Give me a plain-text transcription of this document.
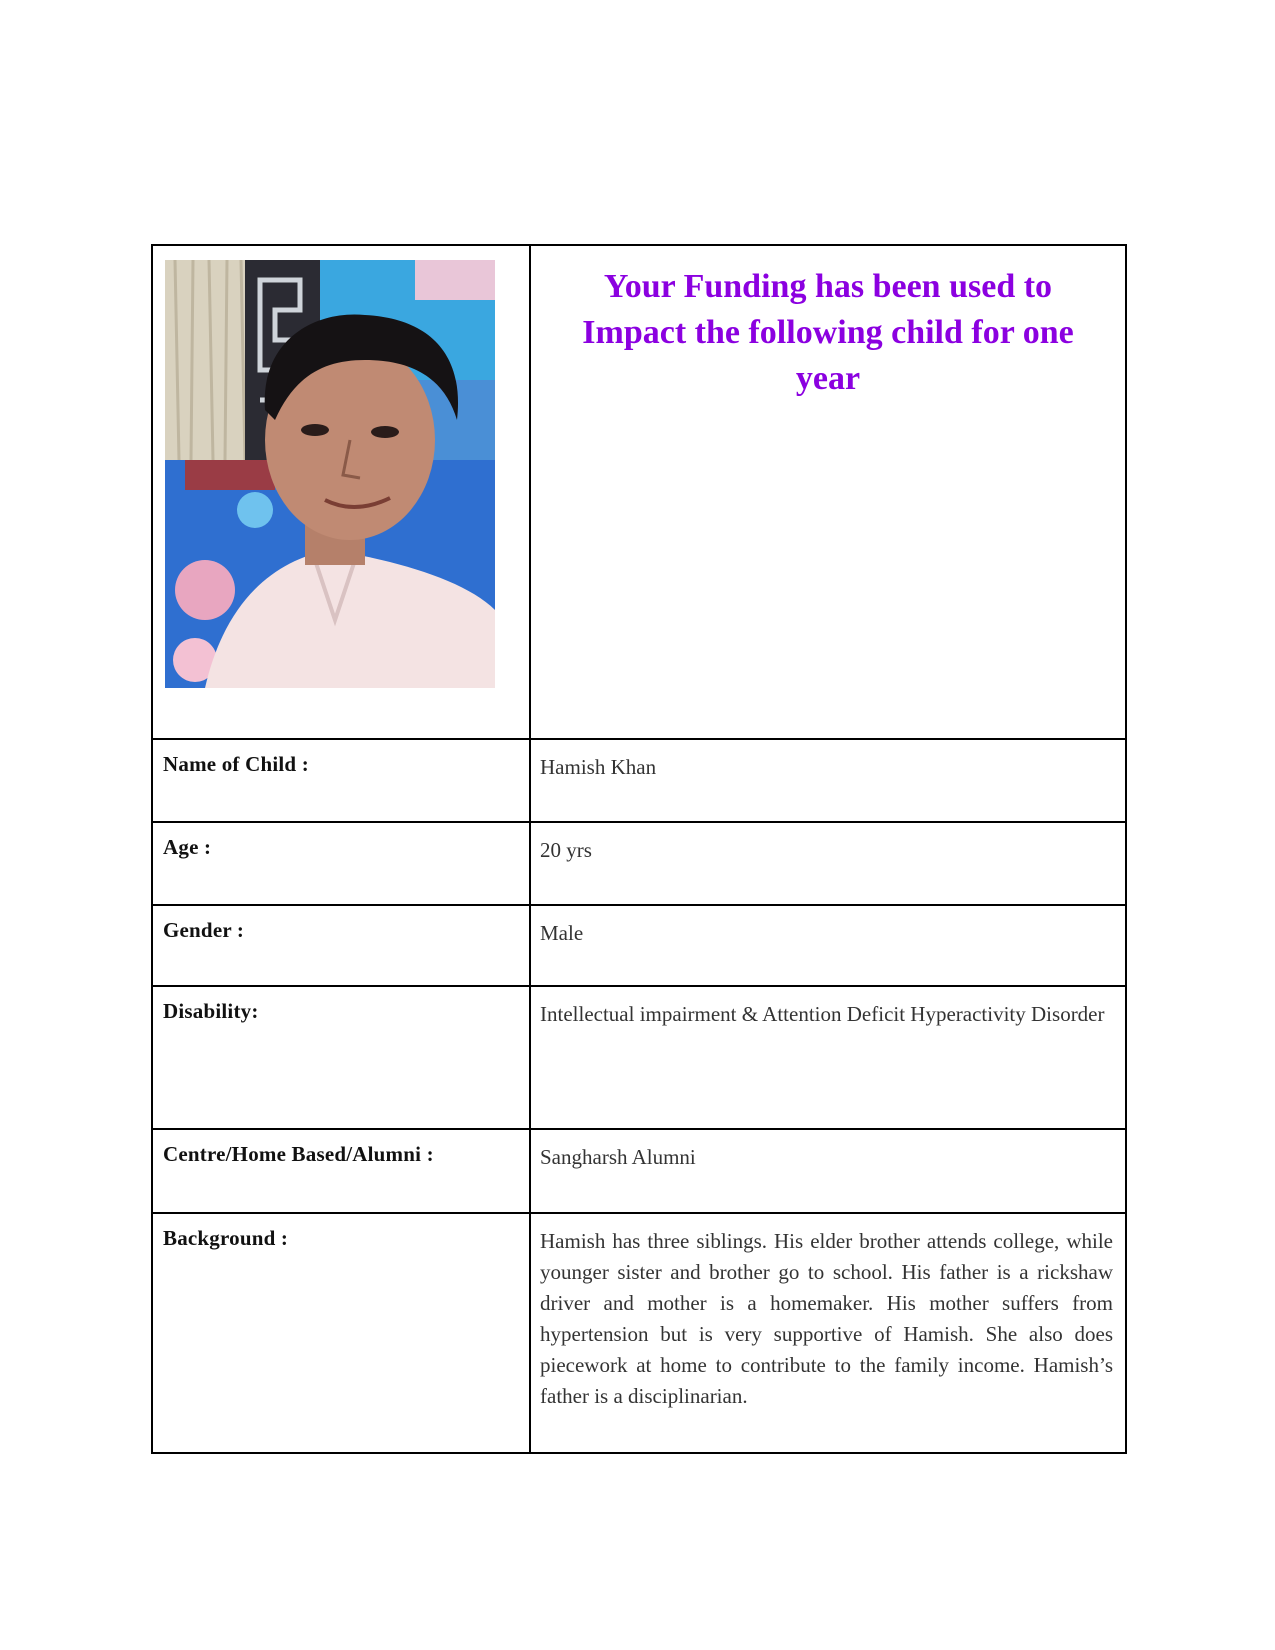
Your Funding has been used to Impact the following child for one year

Name of Child :	Hamish Khan

Age :	20 yrs

Gender :	Male

Disability:	Intellectual impairment & Attention Deficit Hyperactivity Disorder

Centre/Home Based/Alumni :	Sangharsh Alumni

Background :	Hamish has three siblings. His elder brother attends college, while younger sister and brother go to school. His father is a rickshaw driver and mother is a homemaker. His mother suffers from hypertension but is very supportive of Hamish. She also does piecework at home to contribute to the family income. Hamish’s father is a disciplinarian.
